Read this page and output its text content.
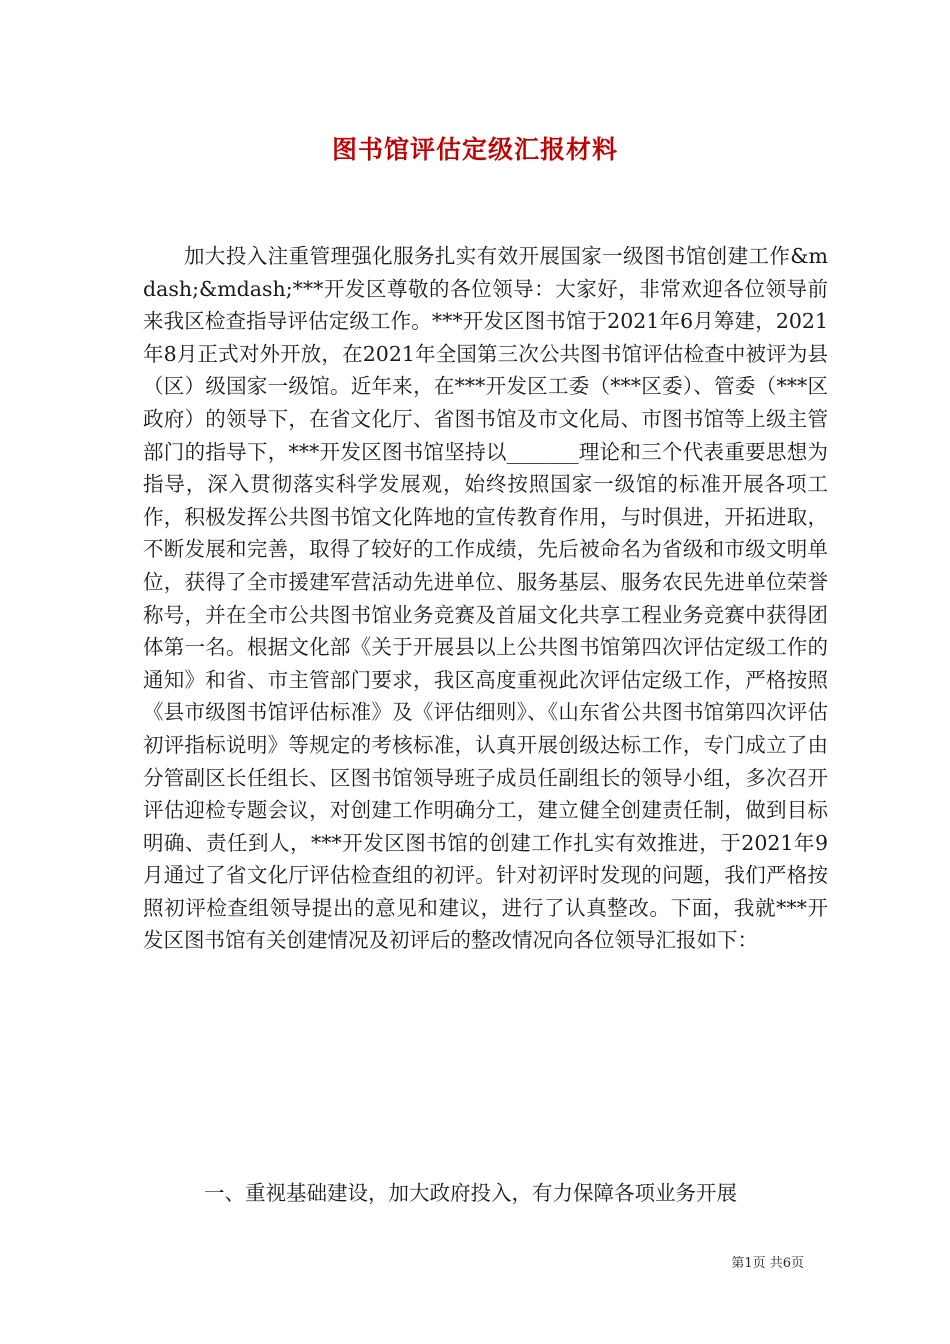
图书馆评估定级汇报材料

加大投入注重管理强化服务扎实有效开展国家一级图书馆创建工作&mdash;&mdash;***开发区尊敬的各位领导：大家好，非常欢迎各位领导前来我区检查指导评估定级工作。***开发区图书馆于2021年6月筹建，2021年8月正式对外开放，在2021年全国第三次公共图书馆评估检查中被评为县（区）级国家一级馆。近年来，在***开发区工委（***区委）、管委（***区政府）的领导下，在省文化厅、省图书馆及市文化局、市图书馆等上级主管部门的指导下，***开发区图书馆坚持以_______理论和三个代表重要思想为指导，深入贯彻落实科学发展观，始终按照国家一级馆的标准开展各项工作，积极发挥公共图书馆文化阵地的宣传教育作用，与时俱进，开拓进取，不断发展和完善，取得了较好的工作成绩，先后被命名为省级和市级文明单位，获得了全市援建军营活动先进单位、服务基层、服务农民先进单位荣誉称号，并在全市公共图书馆业务竞赛及首届文化共享工程业务竞赛中获得团体第一名。根据文化部《关于开展县以上公共图书馆第四次评估定级工作的通知》和省、市主管部门要求，我区高度重视此次评估定级工作，严格按照《县市级图书馆评估标准》及《评估细则》、《山东省公共图书馆第四次评估初评指标说明》等规定的考核标准，认真开展创级达标工作，专门成立了由分管副区长任组长、区图书馆领导班子成员任副组长的领导小组，多次召开评估迎检专题会议，对创建工作明确分工，建立健全创建责任制，做到目标明确、责任到人，***开发区图书馆的创建工作扎实有效推进，于2021年9月通过了省文化厅评估检查组的初评。针对初评时发现的问题，我们严格按照初评检查组领导提出的意见和建议，进行了认真整改。下面，我就***开发区图书馆有关创建情况及初评后的整改情况向各位领导汇报如下：

一、重视基础建设，加大政府投入，有力保障各项业务开展
第1页 共6页
